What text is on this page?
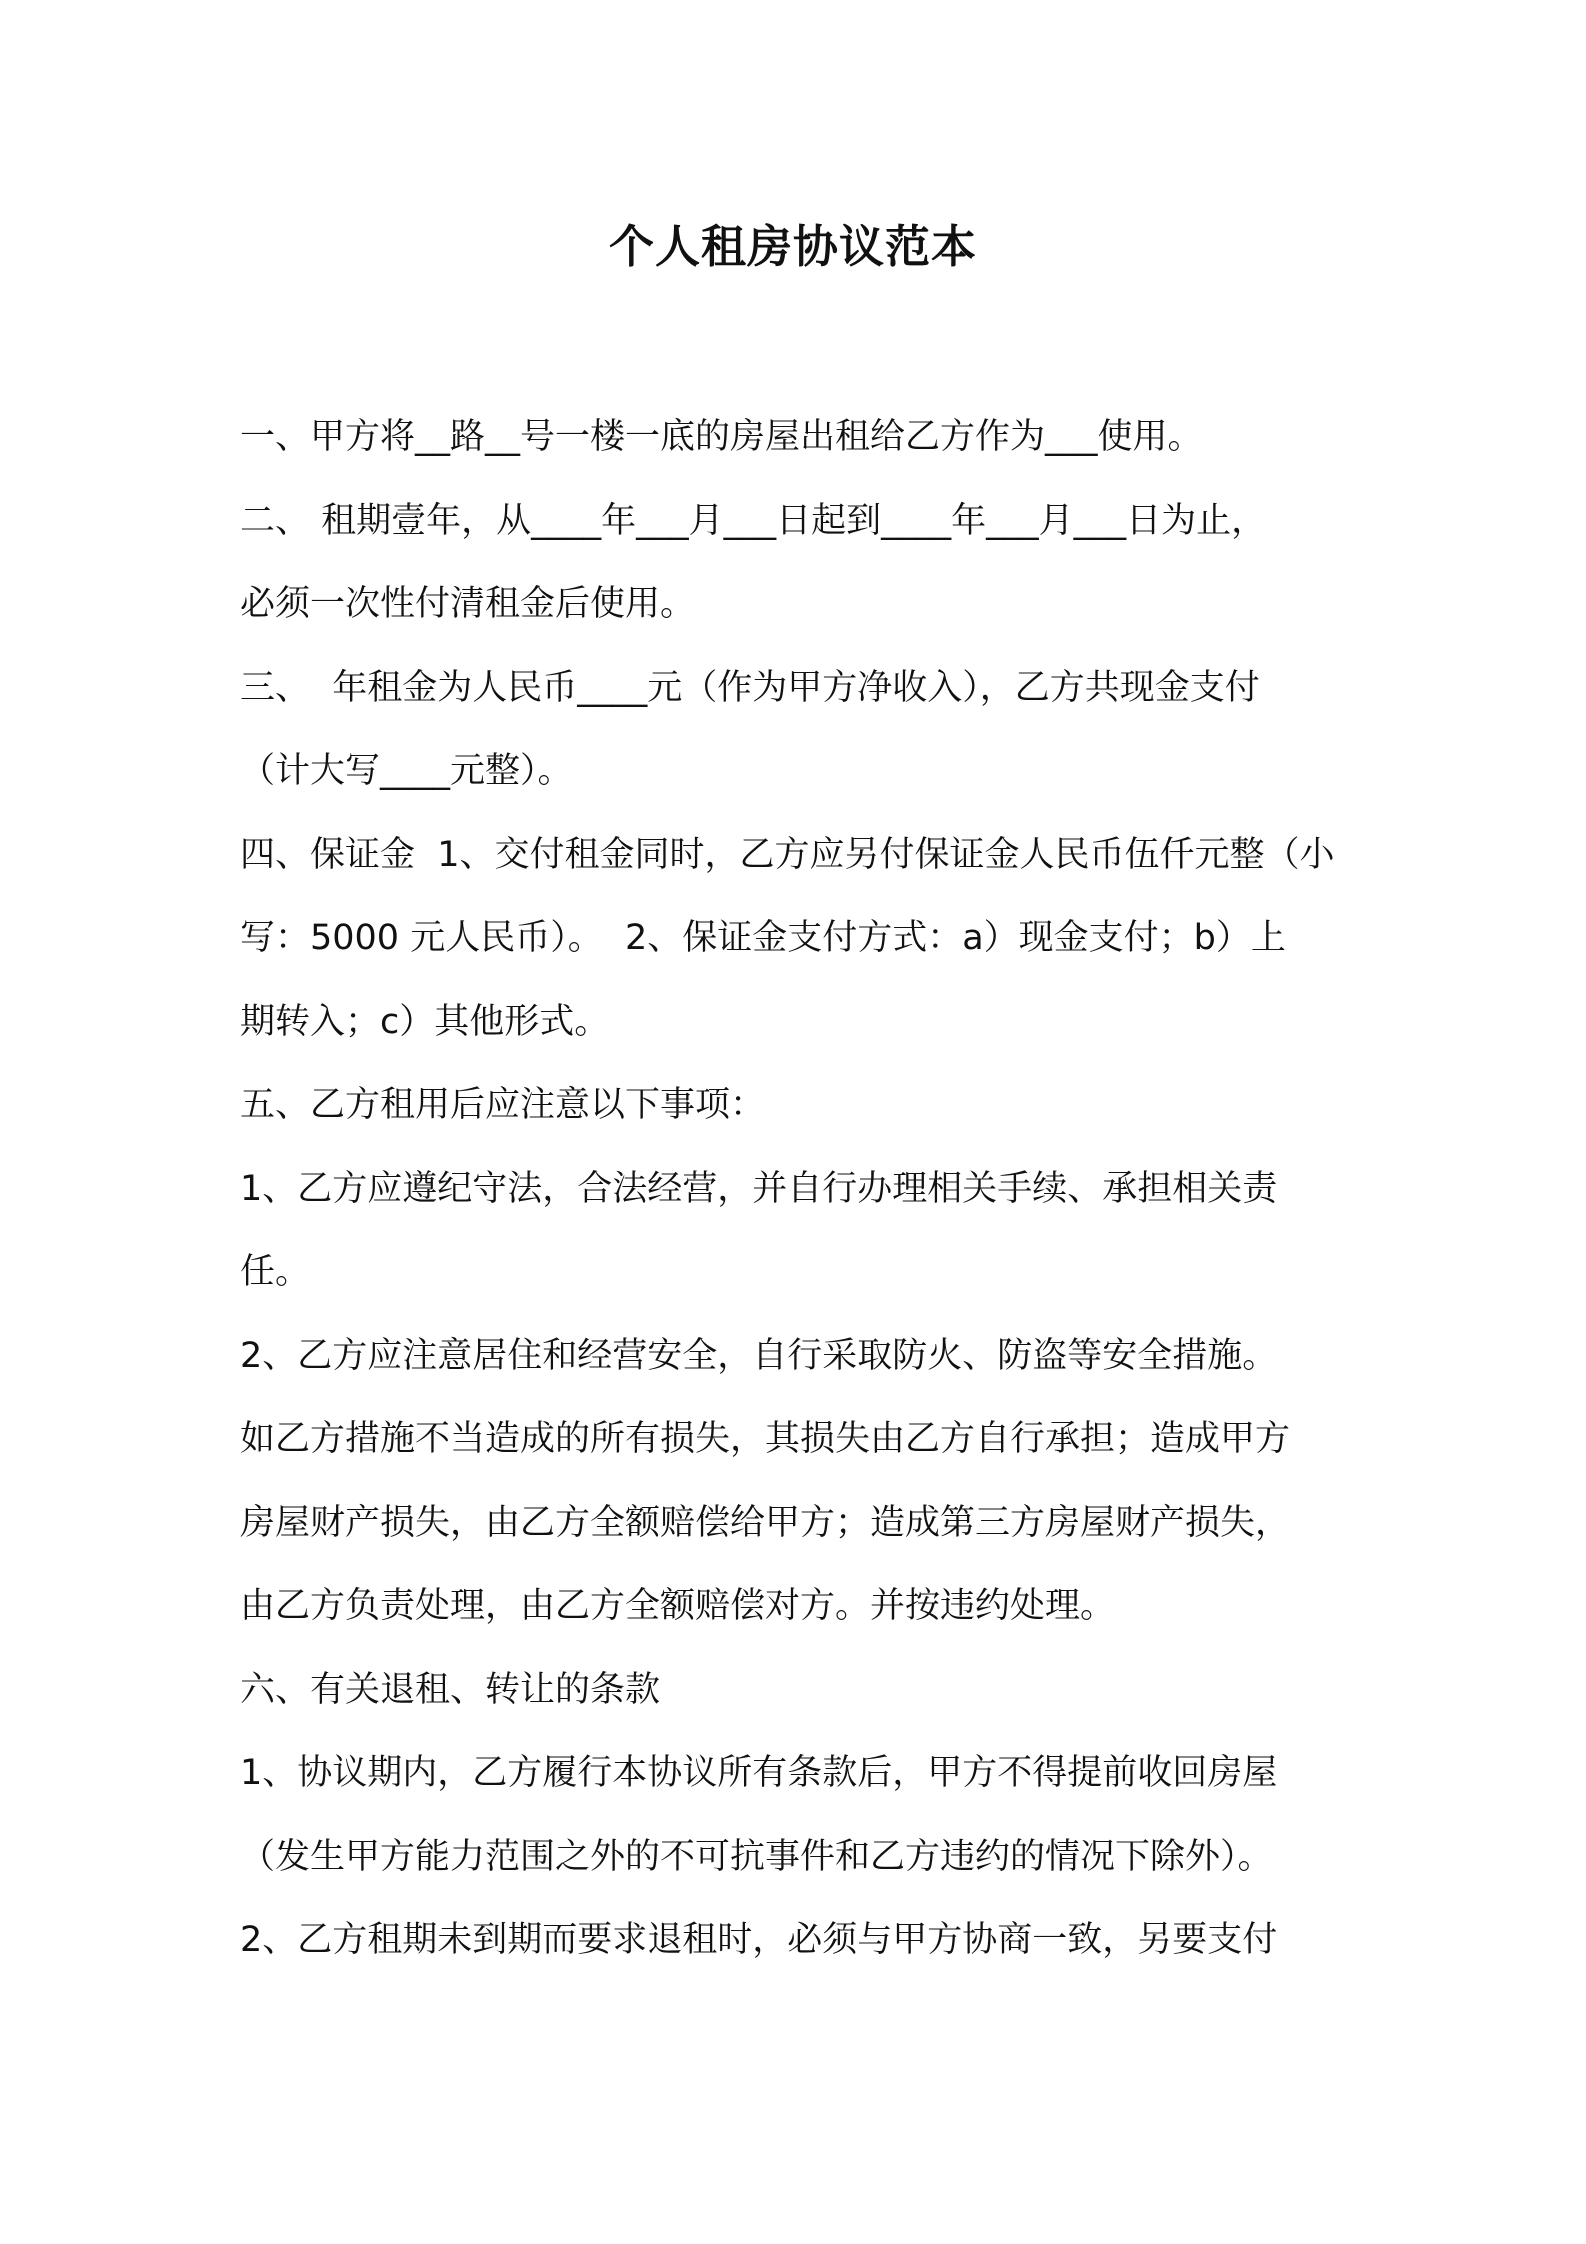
个人租房协议范本

一、甲方将__路__号一楼一底的房屋出租给乙方作为___使用。

二、 租期壹年，从____年___月___日起到____年___月___日为止，

必须一次性付清租金后使用。

三、  年租金为人民币____元（作为甲方净收入），乙方共现金支付

（计大写____元整）。

四、保证金  1、交付租金同时，乙方应另付保证金人民币伍仟元整（小

写：5000 元人民币）。  2、保证金支付方式：a）现金支付；b）上

期转入；c）其他形式。

五、乙方租用后应注意以下事项：

1、乙方应遵纪守法，合法经营，并自行办理相关手续、承担相关责

任。

2、乙方应注意居住和经营安全，自行采取防火、防盗等安全措施。

如乙方措施不当造成的所有损失，其损失由乙方自行承担；造成甲方

房屋财产损失，由乙方全额赔偿给甲方；造成第三方房屋财产损失，

由乙方负责处理，由乙方全额赔偿对方。并按违约处理。

六、有关退租、转让的条款

1、协议期内，乙方履行本协议所有条款后，甲方不得提前收回房屋

（发生甲方能力范围之外的不可抗事件和乙方违约的情况下除外）。

2、乙方租期未到期而要求退租时，必须与甲方协商一致，另要支付
